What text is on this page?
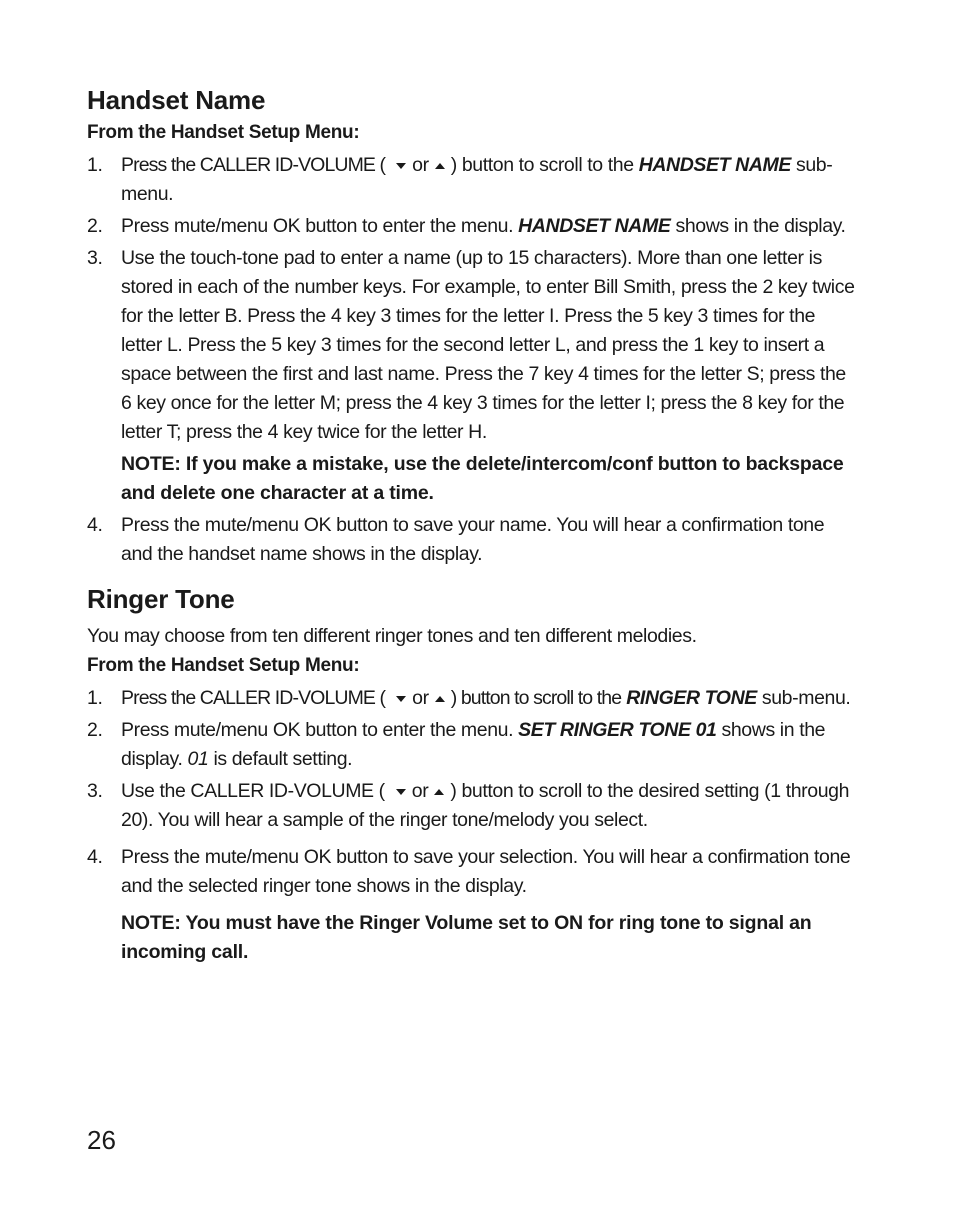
Handset Name
From the Handset Setup Menu:
1. Press the CALLER ID-VOLUME ( or ) button to scroll to the HANDSET NAME sub-menu.
2. Press mute/menu OK button to enter the menu. HANDSET NAME shows in the display.
3. Use the touch-tone pad to enter a name (up to 15 characters). More than one letter is stored in each of the number keys. For example, to enter Bill Smith, press the 2 key twice for the letter B. Press the 4 key 3 times for the letter I. Press the 5 key 3 times for the letter L. Press the 5 key 3 times for the second letter L, and press the 1 key to insert a space between the first and last name. Press the 7 key 4 times for the letter S; press the 6 key once for the letter M; press the 4 key 3 times for the letter I; press the 8 key for the letter T; press the 4 key twice for the letter H.
NOTE: If you make a mistake, use the delete/intercom/conf button to backspace and delete one character at a time.
4. Press the mute/menu OK button to save your name. You will hear a confirmation tone and the handset name shows in the display.
Ringer Tone
You may choose from ten different ringer tones and ten different melodies.
From the Handset Setup Menu:
1. Press the CALLER ID-VOLUME ( or ) button to scroll to the RINGER TONE sub-menu.
2. Press mute/menu OK button to enter the menu. SET RINGER TONE 01 shows in the display. 01 is default setting.
3. Use the CALLER ID-VOLUME ( or ) button to scroll to the desired setting (1 through 20). You will hear a sample of the ringer tone/melody you select.
4. Press the mute/menu OK button to save your selection. You will hear a confirmation tone and the selected ringer tone shows in the display.
NOTE: You must have the Ringer Volume set to ON for ring tone to signal an incoming call.
26
